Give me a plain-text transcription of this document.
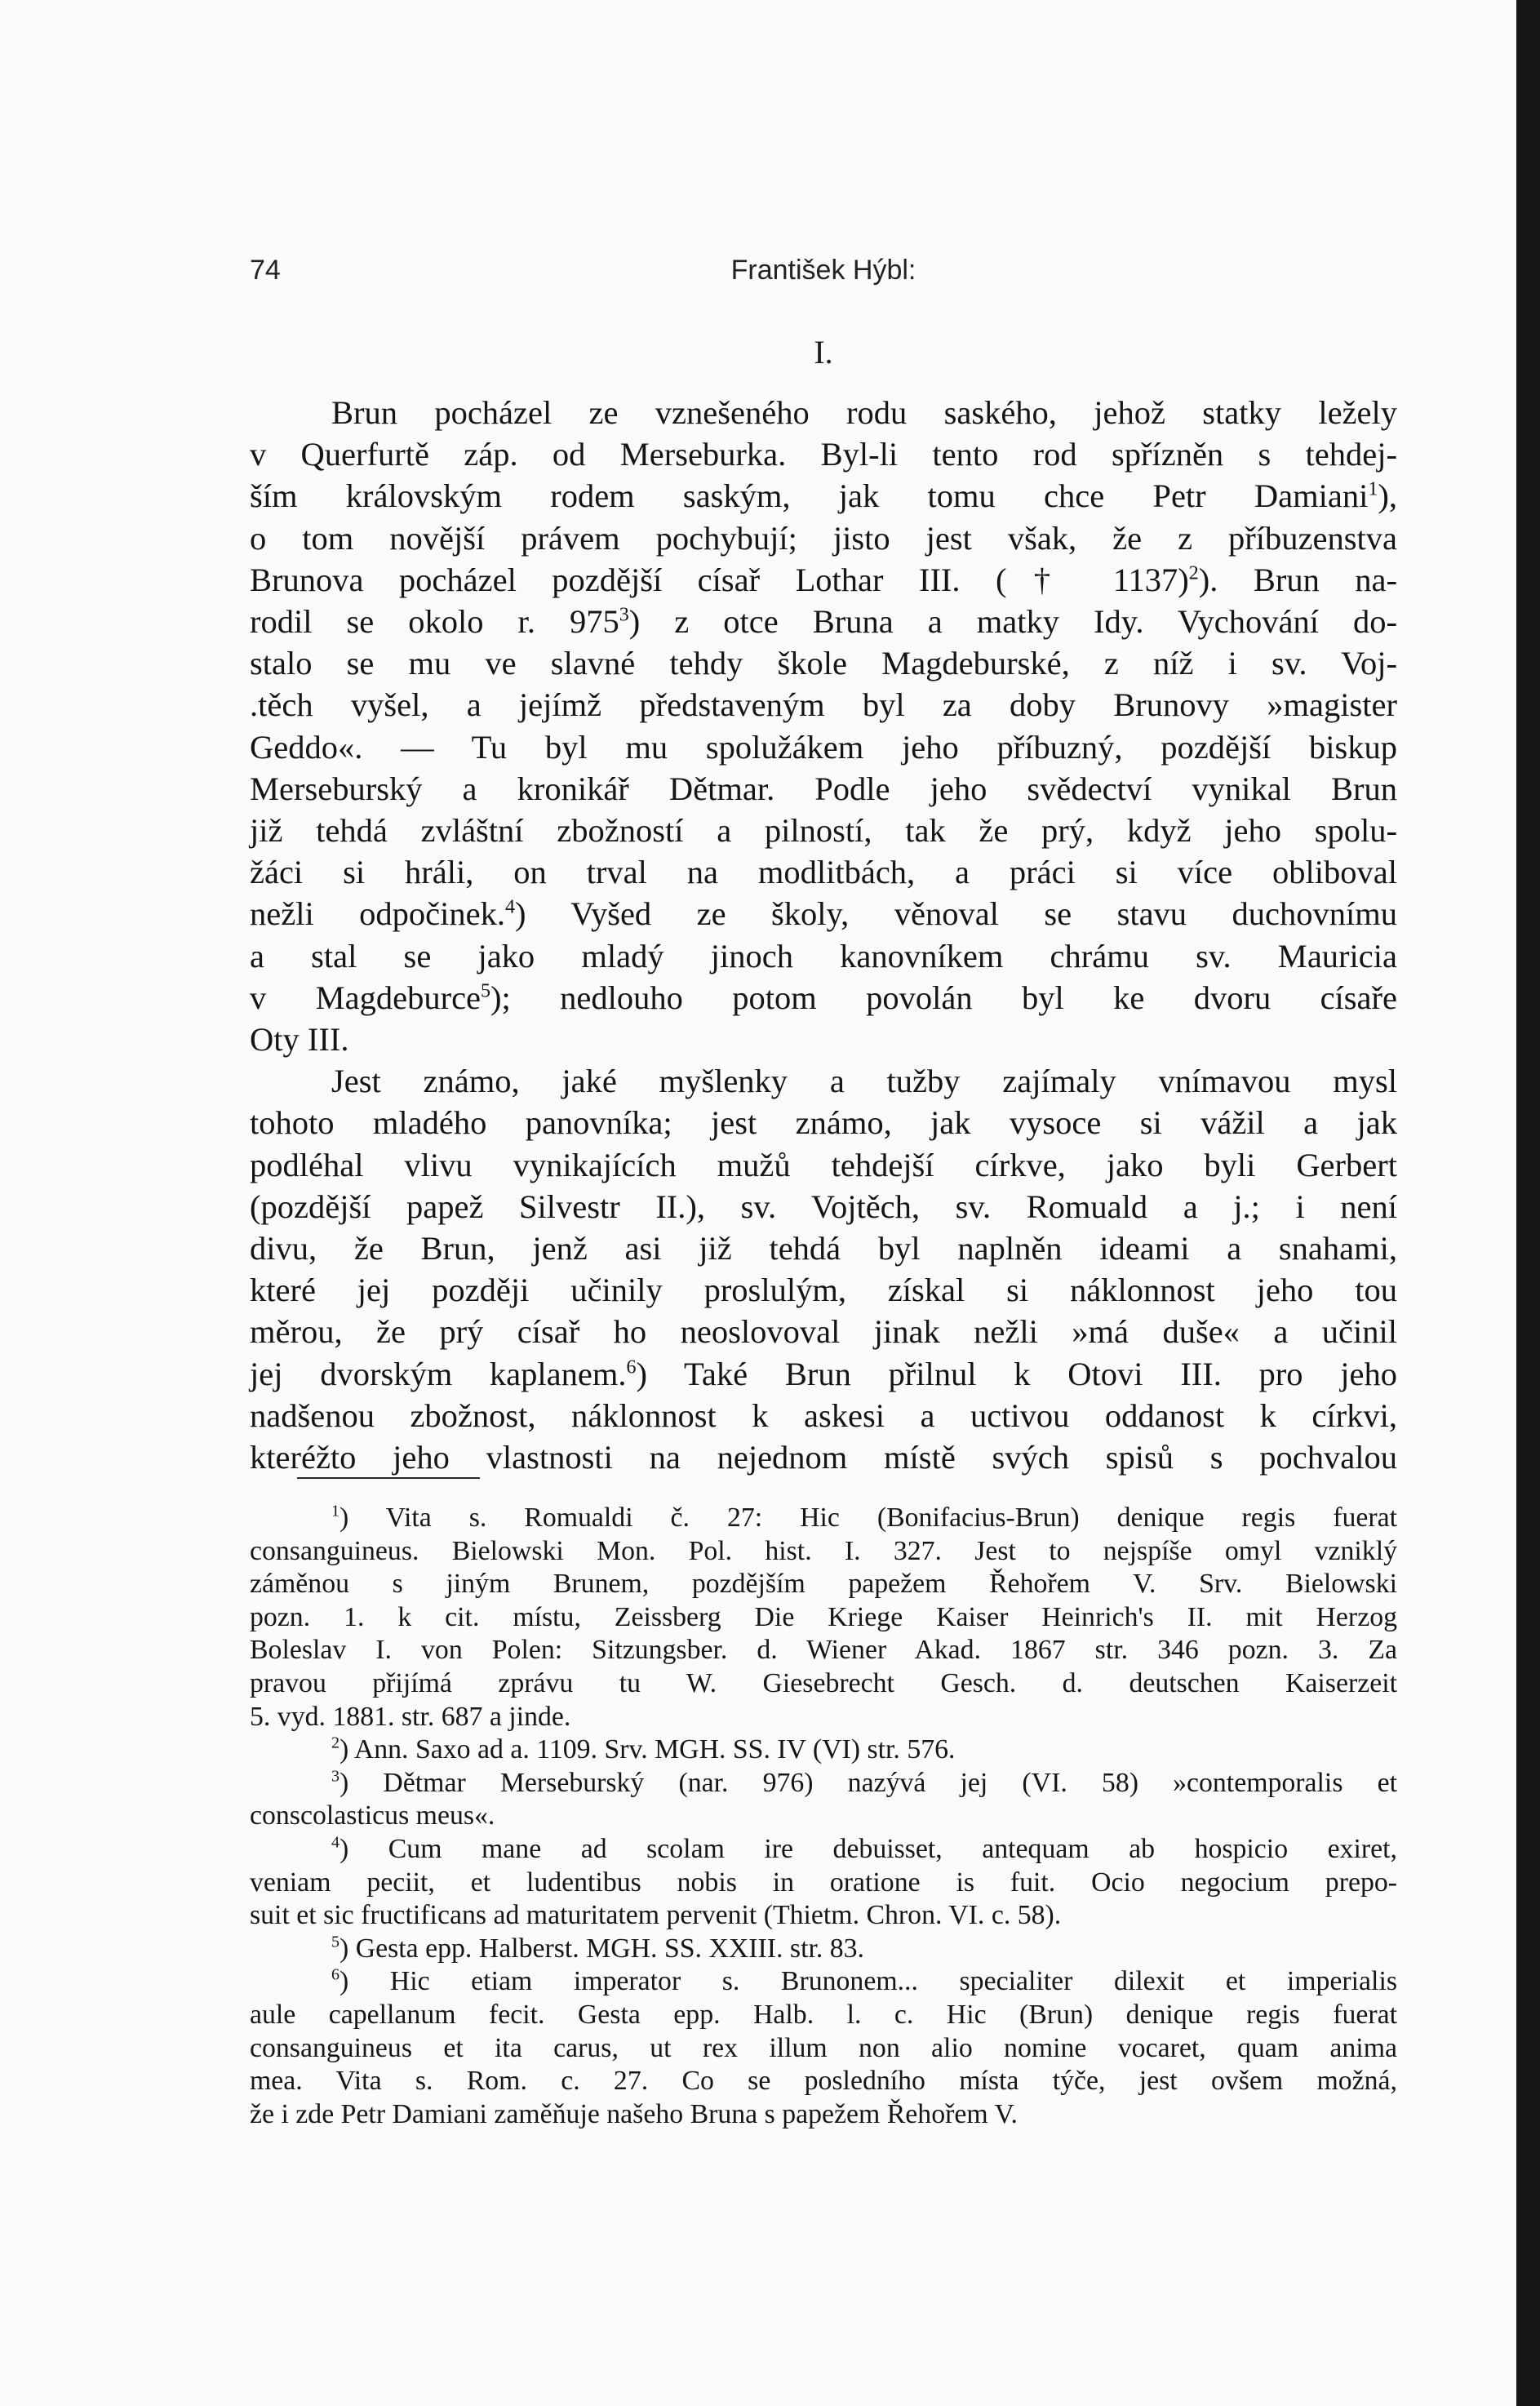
74	František Hýbl:
I.

Brun pocházel ze vznešeného rodu saského, jehož statky ležely

v Querfurtě záp. od Merseburka. Byl-li tento rod spřízněn s tehdej-

ším královským rodem saským, jak tomu chce Petr Damiani$^1$),

o tom novější právem pochybují; jisto jest však, že z příbuzenstva

Brunova pocházel pozdější císař Lothar III. († 1137)$^2$). Brun na-

rodil se okolo r. $975^3$) z otce Bruna a matky Idy. Vychování do-

stalo se mu ve slavné tehdy škole Magdeburské, z níž i sv. Voj-

.těch vyšel, a jejímž představeným byl za doby Brunovy »magister

Geddo«. — Tu byl mu spolužákem jeho příbuzný, pozdější biskup

Merseburský a kronikář Dětmar. Podle jeho svědectví vynikal Brun

již tehdá zvláštní zbožností a pilností, tak že prý, když jeho spolu-

žáci si hráli, on trval na modlitbách, a práci si více obliboval

nežli odpočinek.$^4$) Vyšed ze školy, věnoval se stavu duchovnímu

a stal se jako mladý jinoch kanovníkem chrámu sv. Mauricia

v Magdeburce$^5$); nedlouho potom povolán byl ke dvoru císaře

Oty III.

Jest známo, jaké myšlenky a tužby zajímaly vnímavou mysl

tohoto mladého panovníka; jest známo, jak vysoce si vážil a jak

podléhal vlivu vynikajících mužů tehdejší církve, jako byli Gerbert

(pozdější papež Silvestr II.), sv. Vojtěch, sv. Romuald a j.; i není

divu, že Brun, jenž asi již tehdá byl naplněn ideami a snahami,

které jej později učinily proslulým, získal si náklonnost jeho tou

měrou, že prý císař ho neoslovoval jinak nežli »má duše« a učinil

jej dvorským kaplanem.$^6$) Také Brun přilnul k Otovi III. pro jeho

nadšenou zbožnost, náklonnost k askesi a uctivou oddanost k církvi,

kteréžto jeho vlastnosti na nejednom místě svých spisů s pochvalou

$^1$) Vita s. Romualdi č. 27: Hic (Bonifacius-Brun) denique regis fuerat

consanguineus. Bielowski Mon. Pol. hist. I. 327. Jest to nejspíše omyl vzniklý

záměnou s jiným Brunem, pozdějším papežem Řehořem V. Srv. Bielowski

pozn. 1. k cit. místu, Zeissberg Die Kriege Kaiser Heinrich's II. mit Herzog

Boleslav I. von Polen: Sitzungsber. d. Wiener Akad. 1867 str. 346 pozn. 3. Za

pravou přijímá zprávu tu W. Giesebrecht Gesch. d. deutschen Kaiserzeit

5. vyd. 1881. str. 687 a jinde.

$^2$) Ann. Saxo ad a. 1109. Srv. MGH. SS. IV (VI) str. 576.

$^3$) Dětmar Merseburský (nar. 976) nazývá jej (VI. 58) »contemporalis et

conscolasticus meus«.

$^4$) Cum mane ad scolam ire debuisset, antequam ab hospicio exiret,

veniam peciit, et ludentibus nobis in oratione is fuit. Ocio negocium prepo-

suit et sic fructificans ad maturitatem pervenit (Thietm. Chron. VI. c. 58).

$^5$) Gesta epp. Halberst. MGH. SS. XXIII. str. 83.

$^6$) Hic etiam imperator s. Brunonem... specialiter dilexit et imperialis

aule capellanum fecit. Gesta epp. Halb. l. c. Hic (Brun) denique regis fuerat

consanguineus et ita carus, ut rex illum non alio nomine vocaret, quam anima

mea. Vita s. Rom. c. 27. Co se posledního místa týče, jest ovšem možná,

že i zde Petr Damiani zaměňuje našeho Bruna s papežem Řehořem V.
